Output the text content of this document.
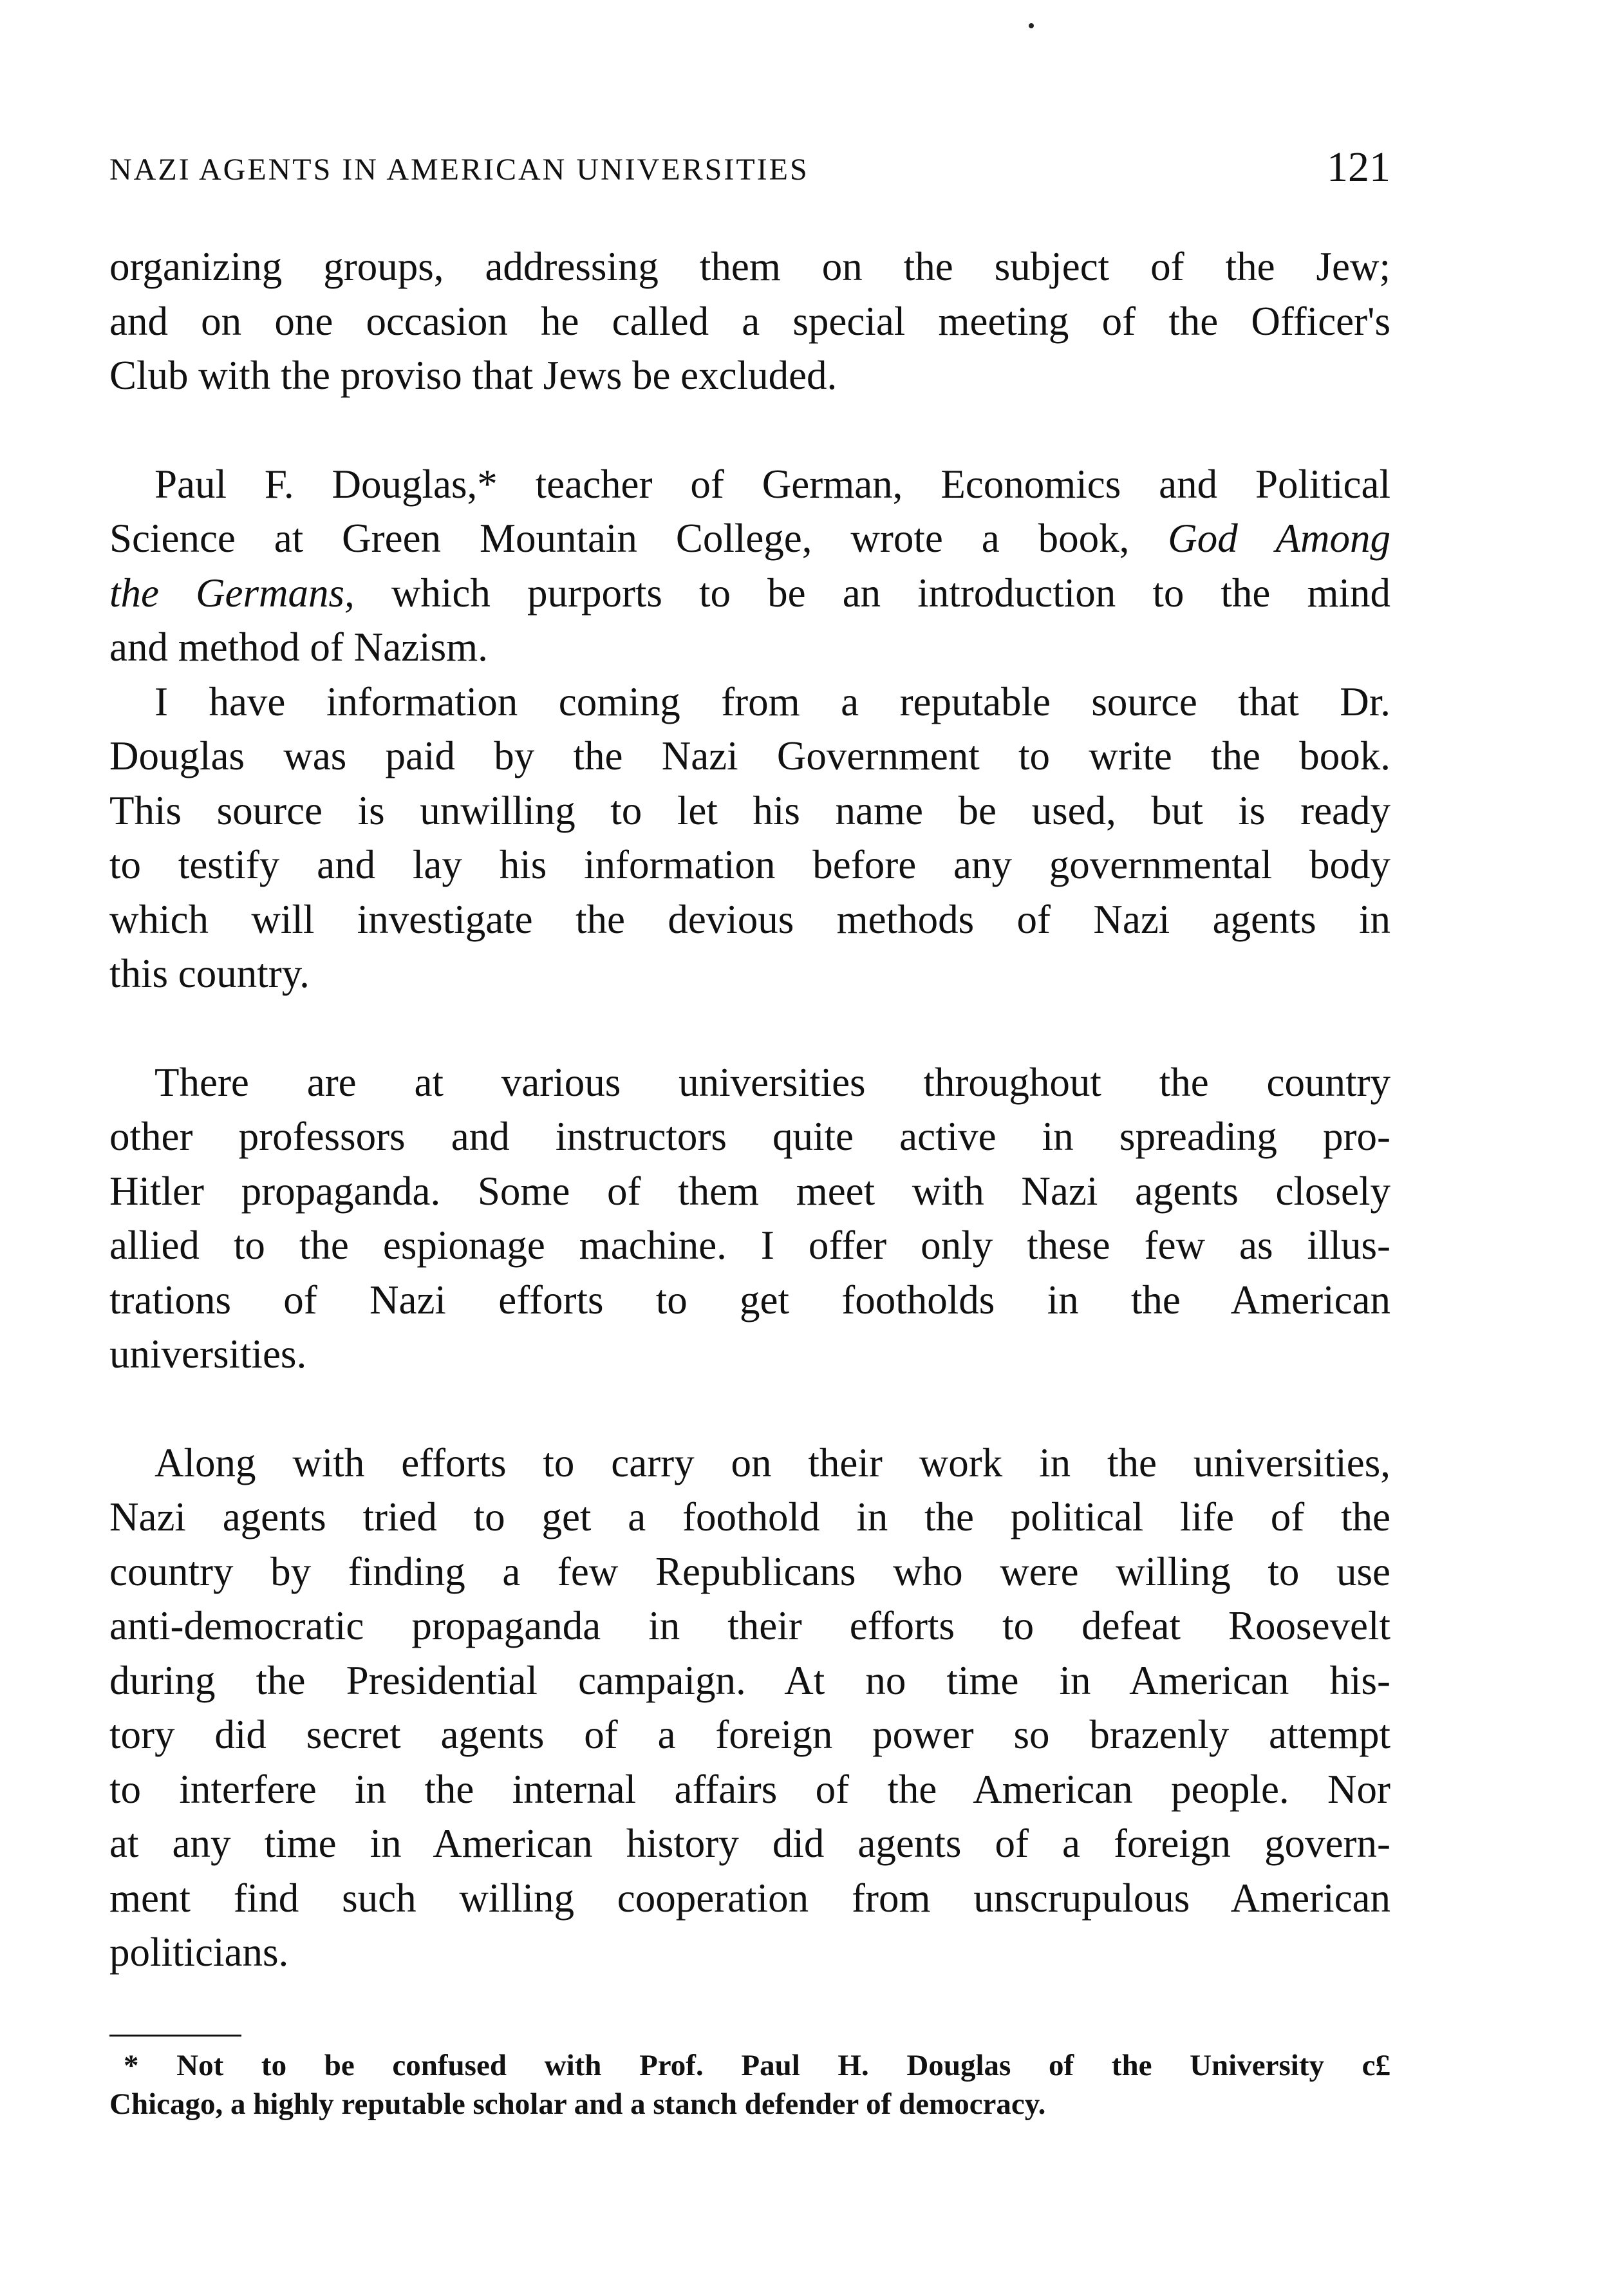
NAZI AGENTS IN AMERICAN UNIVERSITIES	121

organizing groups, addressing them on the subject of the Jew;
and on one occasion he called a special meeting of the Officer's
Club with the proviso that Jews be excluded.

Paul F. Douglas,* teacher of German, Economics and Political
Science at Green Mountain College, wrote a book, God Among
the Germans, which purports to be an introduction to the mind
and method of Nazism.

I have information coming from a reputable source that Dr.
Douglas was paid by the Nazi Government to write the book.
This source is unwilling to let his name be used, but is ready
to testify and lay his information before any governmental body
which will investigate the devious methods of Nazi agents in
this country.

There are at various universities throughout the country
other professors and instructors quite active in spreading pro-
Hitler propaganda. Some of them meet with Nazi agents closely
allied to the espionage machine. I offer only these few as illus-
trations of Nazi efforts to get footholds in the American
universities.

Along with efforts to carry on their work in the universities,
Nazi agents tried to get a foothold in the political life of the
country by finding a few Republicans who were willing to use
anti-democratic propaganda in their efforts to defeat Roosevelt
during the Presidential campaign. At no time in American his-
tory did secret agents of a foreign power so brazenly attempt
to interfere in the internal affairs of the American people. Nor
at any time in American history did agents of a foreign govern-
ment find such willing cooperation from unscrupulous American
politicians.

* Not to be confused with Prof. Paul H. Douglas of the University c£
Chicago, a highly reputable scholar and a stanch defender of democracy.
